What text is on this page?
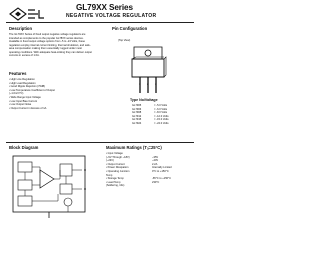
GL79XX Series
NEGATIVE VOLTAGE REGULATOR
Description
The GL79XX Series of fixed output negative voltage regulators are intended as complements to the popular GL78XX series devices. Available in fixed output voltage options from -5 to -24 Volts, these regulators employ internal current limiting, thermal shutdown, and safe-area compensation making them essentially rugged under most operating conditions. With adequate heat-sinking they can deliver output currents in excess of 1.0A.
Features
• High Line Regulation
• High Load Regulation
• Good Ripple Rejection (70dB)
• Low Temperature Coefficient of Output
(~1.0mV/°C)
• Wide Range Input Voltage
• Low Input Bias Current
• Low Output Noise
• Output Current in Excess of 1A
Pin Configuration
(Top View)
1	2	3
Type No/Voltage
GL7905	= -5.0 Volts
GL7906	= -6.0 Volts
GL7908	= -8.0 Volts
GL7912	= -12.0 Volts
GL7915	= -15.0 Volts
GL7924	= -24.0 Volts
Block Diagram	Maximum Ratings (Tₐ=25°C)
• Input Voltage
(~5V Through ~18V)	~35V
(~24V)	~40V
• Output Current	2.2A
• Power Dissipation	Internally Limited
• Operating Junction	0°C to +150°C
Temp
• Storage Temp	-65°C to +150°C
• Lead Temp	230°C
(Soldering, 10s)
